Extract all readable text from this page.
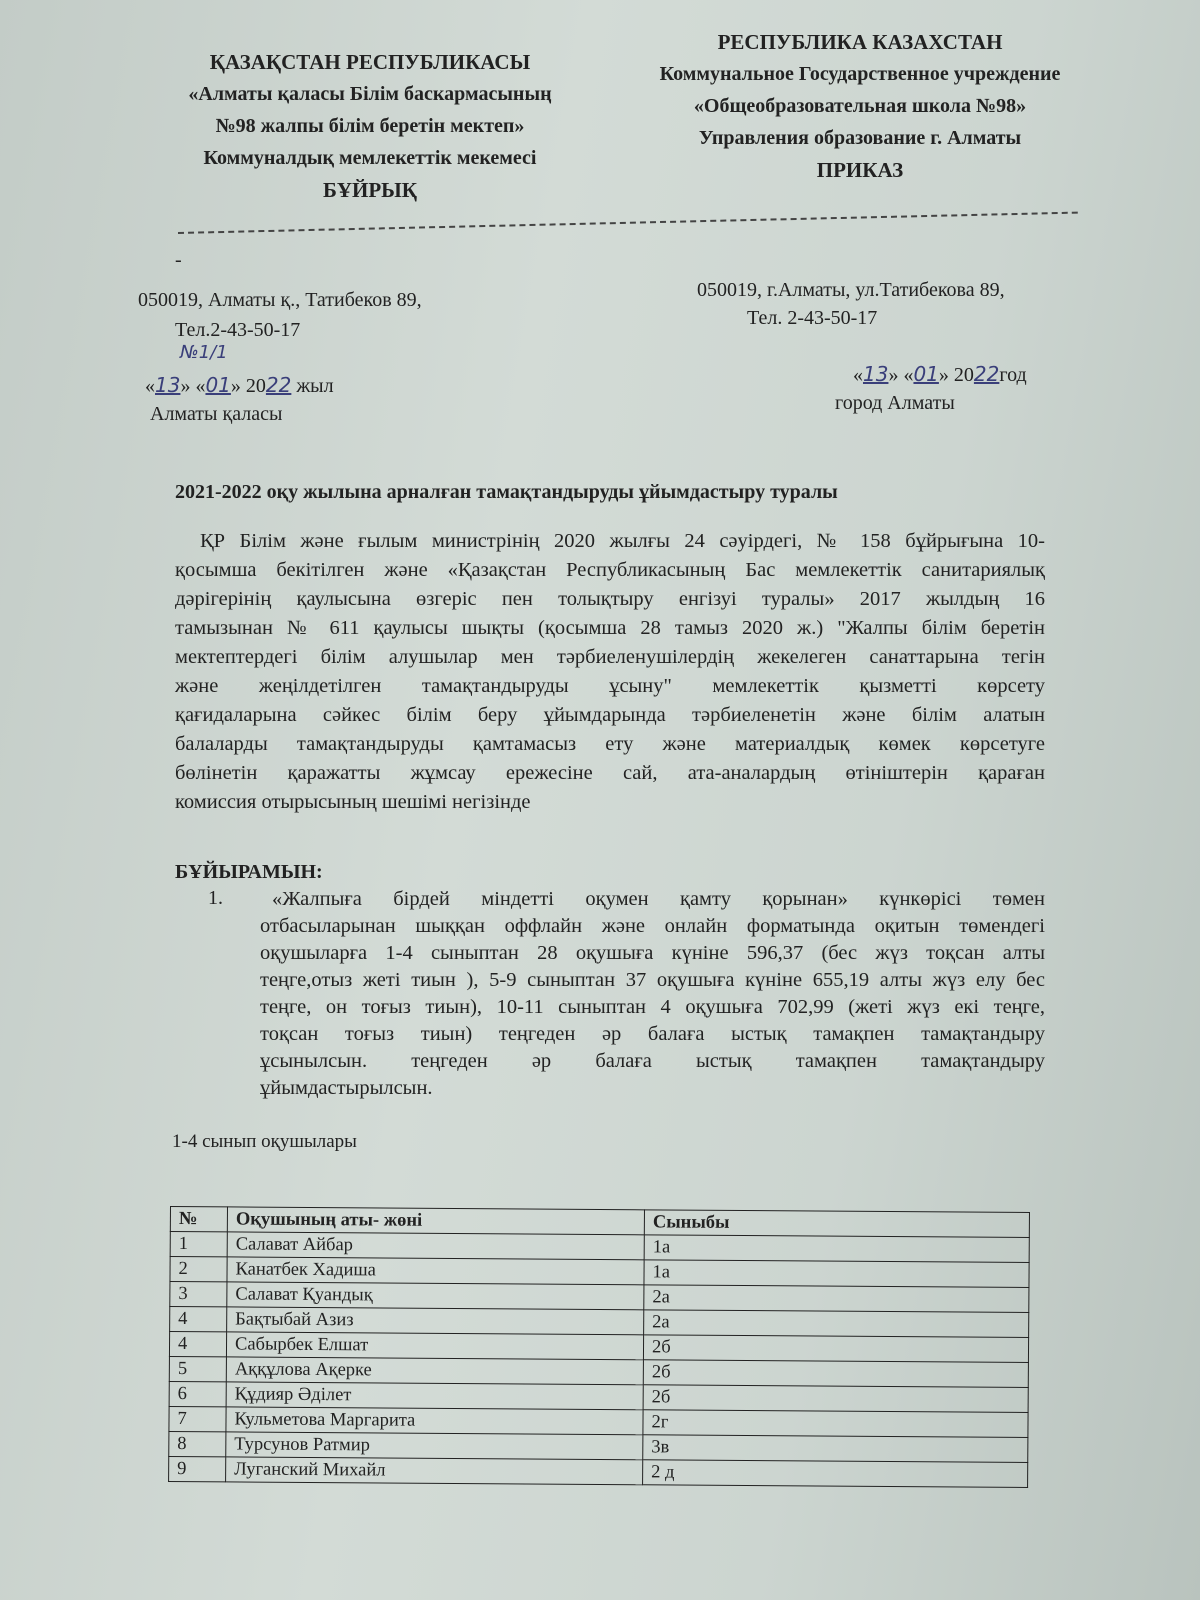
ҚАЗАҚСТАН РЕСПУБЛИКАСЫ
«Алматы қаласы Білім баскармасының
№98 жалпы білім беретін мектеп»
Коммуналдық мемлекеттік мекемесі
БҰЙРЫҚ
РЕСПУБЛИКА КАЗАХСТАН
Коммунальное Государственное учреждение
«Общеобразовательная школа №98»
Управления образование г. Алматы
ПРИКАЗ
-
050019, Алматы қ., Татибеков 89,
Тел.2-43-50-17
№1/1
«13» «01» 2022 жыл
Алматы қаласы
050019, г.Алматы, ул.Татибекова 89,
Тел. 2-43-50-17
«13» «01» 2022год
город Алматы
2021-2022 оқу жылына арналған тамақтандыруды ұйымдастыру туралы
ҚР Білім және ғылым министрінің 2020 жылғы 24 сәуірдегі, № 158 бұйрығына 10-
қосымша бекітілген және «Қазақстан Республикасының Бас мемлекеттік санитариялық
дәрігерінің қаулысына өзгеріс пен толықтыру енгізуі туралы» 2017 жылдың 16
тамызынан № 611 қаулысы шықты (қосымша 28 тамыз 2020 ж.) "Жалпы білім беретін
мектептердегі білім алушылар мен тәрбиеленушілердің жекелеген санаттарына тегін
және жеңілдетілген тамақтандыруды ұсыну" мемлекеттік қызметті көрсету
қағидаларына сәйкес білім беру ұйымдарында тәрбиеленетін және білім алатын
балаларды тамақтандыруды қамтамасыз ету және материалдық көмек көрсетуге
бөлінетін қаражатты жұмсау ережесіне сай, ата-аналардың өтініштерін қараған
комиссия отырысының шешімі негізінде
БҰЙЫРАМЫН:
1. «Жалпыға бірдей міндетті оқумен қамту қорынан» күнкөрісі төмен
отбасыларынан шыққан оффлайн және онлайн форматында оқитын төмендегі
оқушыларға 1-4 сыныптан 28 оқушыға күніне 596,37 (бес жүз тоқсан алты
теңге,отыз жеті тиын ), 5-9 сыныптан 37 оқушыға күніне 655,19 алты жүз елу бес
теңге, он тоғыз тиын), 10-11 сыныптан 4 оқушыға 702,99 (жеті жүз екі теңге,
тоқсан тоғыз тиын) теңгеден әр балаға ыстық тамақпен тамақтандыру
ұсынылсын. теңгеден әр балаға ыстық тамақпен тамақтандыру
ұйымдастырылсын.
1-4 сынып оқушылары
№	Оқушының аты- жөні	Сыныбы
1	Салават Айбар	1а
2	Канатбек Хадиша	1а
3	Салават Қуандық	2а
4	Бақтыбай Азиз	2а
4	Сабырбек Елшат	2б
5	Аққұлова Ақерке	2б
6	Құдияр Әділет	2б
7	Кульметова Маргарита	2г
8	Турсунов Ратмир	3в
9	Луганский Михайл	2 д
